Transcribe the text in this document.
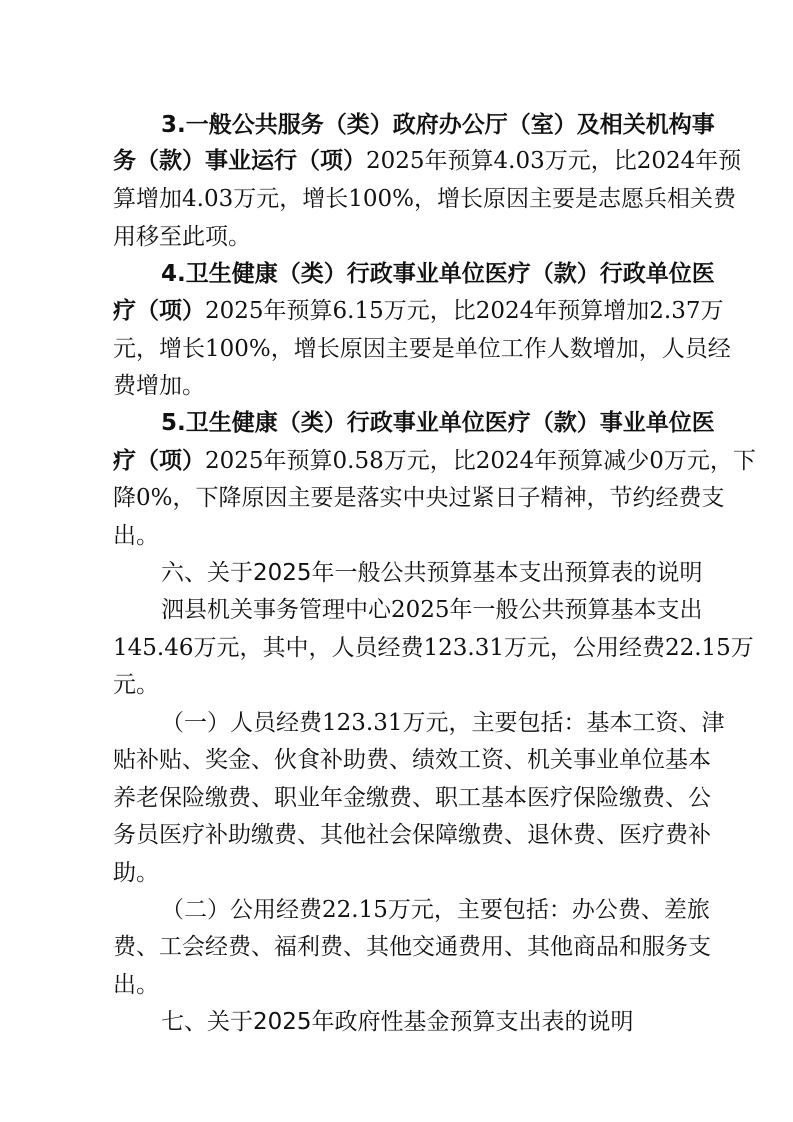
3.一般公共服务（类）政府办公厅（室）及相关机构事
务（款）事业运行（项）2025年预算4.03万元，比2024年预
算增加4.03万元，增长100%，增长原因主要是志愿兵相关费
用移至此项。
4.卫生健康（类）行政事业单位医疗（款）行政单位医
疗（项）2025年预算6.15万元，比2024年预算增加2.37万
元，增长100%，增长原因主要是单位工作人数增加，人员经
费增加。
5.卫生健康（类）行政事业单位医疗（款）事业单位医
疗（项）2025年预算0.58万元，比2024年预算减少0万元，下
降0%，下降原因主要是落实中央过紧日子精神，节约经费支
出。
六、关于2025年一般公共预算基本支出预算表的说明
泗县机关事务管理中心2025年一般公共预算基本支出
145.46万元，其中，人员经费123.31万元，公用经费22.15万
元。
（一）人员经费123.31万元，主要包括：基本工资、津
贴补贴、奖金、伙食补助费、绩效工资、机关事业单位基本
养老保险缴费、职业年金缴费、职工基本医疗保险缴费、公
务员医疗补助缴费、其他社会保障缴费、退休费、医疗费补
助。
（二）公用经费22.15万元，主要包括：办公费、差旅
费、工会经费、福利费、其他交通费用、其他商品和服务支
出。
七、关于2025年政府性基金预算支出表的说明
